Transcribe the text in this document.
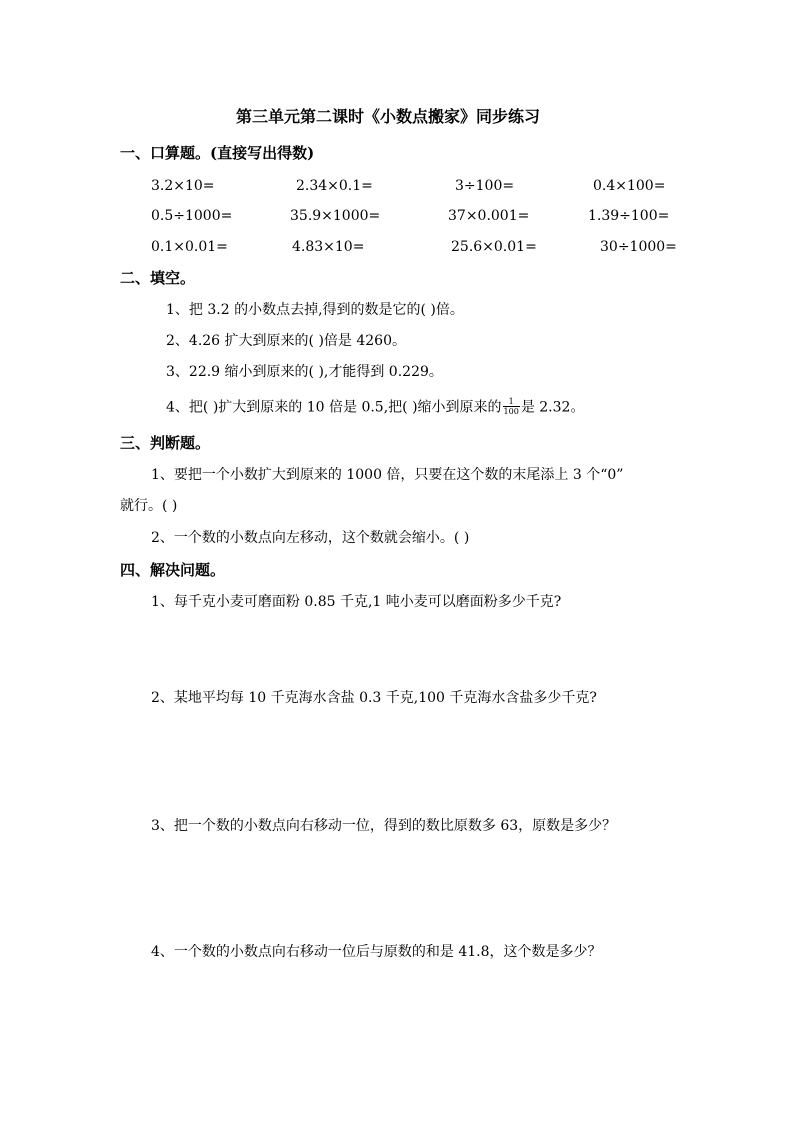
第三单元第二课时《小数点搬家》同步练习
一、口算题。(直接写出得数)
3.2×10=	2.34×0.1=	3÷100=	0.4×100=
0.5÷1000=	35.9×1000=	37×0.001=	1.39÷100=
0.1×0.01=	4.83×10=	25.6×0.01=	30÷1000=
二、填空。
1、把 3.2 的小数点去掉,得到的数是它的( )倍。
2、4.26 扩大到原来的( )倍是 4260。
3、22.9 缩小到原来的( ),才能得到 0.229。
4、把( )扩大到原来的 10 倍是 0.5,把( )缩小到原来的 $\frac{1}{100}$ 是 2.32。
三、判断题。
1、要把一个小数扩大到原来的 1000 倍，只要在这个数的末尾添上 3 个“0”
就行。( )
2、一个数的小数点向左移动，这个数就会缩小。( )
四、解决问题。
1、每千克小麦可磨面粉 0.85 千克,1 吨小麦可以磨面粉多少千克?
2、某地平均每 10 千克海水含盐 0.3 千克,100 千克海水含盐多少千克?
3、把一个数的小数点向右移动一位，得到的数比原数多 63，原数是多少？
4、一个数的小数点向右移动一位后与原数的和是 41.8，这个数是多少？
